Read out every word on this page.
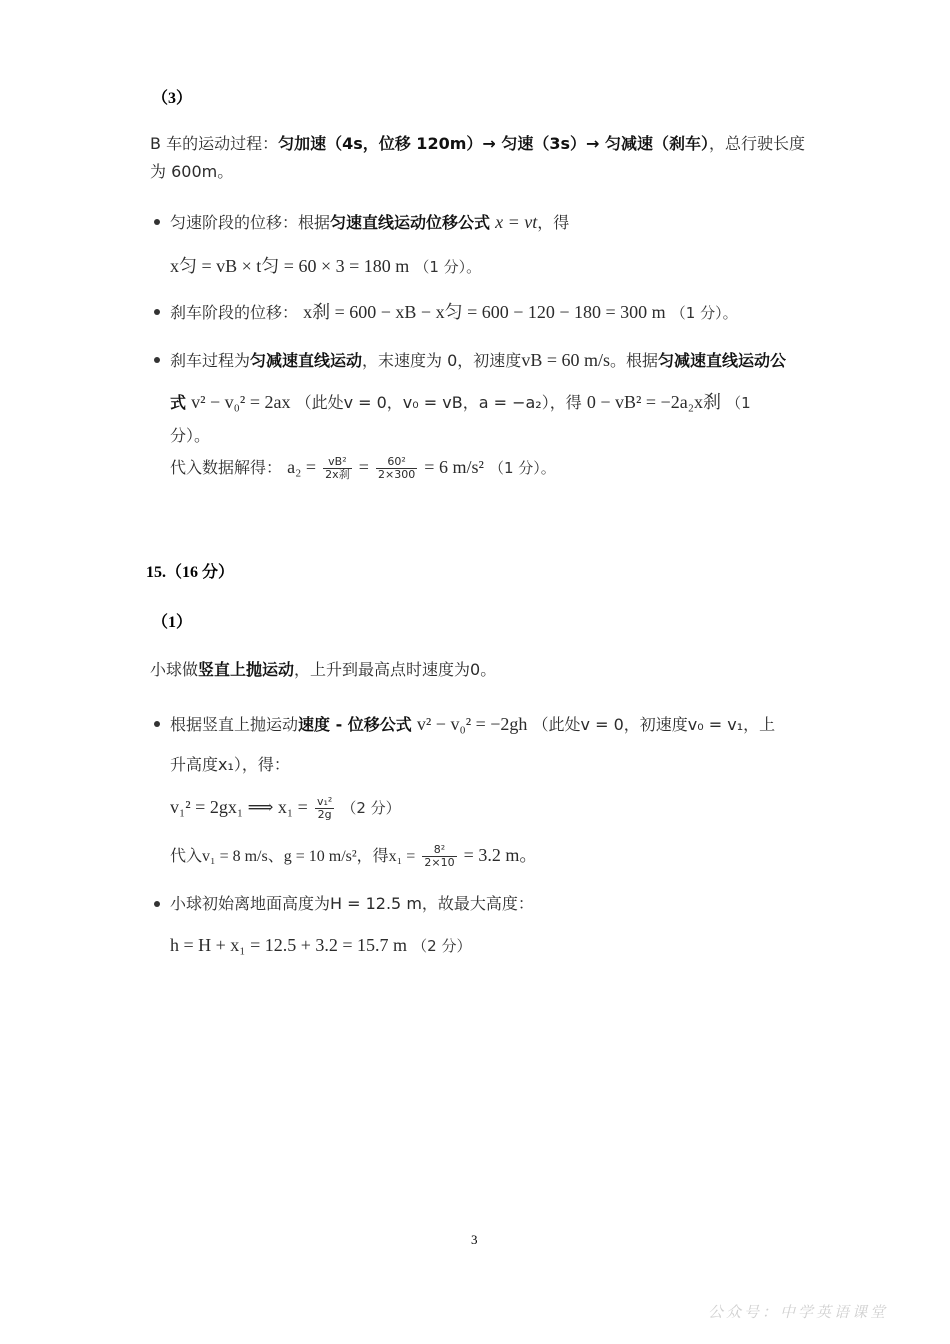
（3）
B 车的运动过程：匀加速（4s，位移 120m）→ 匀速（3s）→ 匀减速（刹车），总行驶长度
为 600m。
匀速阶段的位移：根据匀速直线运动位移公式 x = vt，得
x匀 = vB × t匀 = 60 × 3 = 180 m （1 分）。
刹车阶段的位移： x刹 = 600 − xB − x匀 = 600 − 120 − 180 = 300 m （1 分）。
刹车过程为匀减速直线运动，末速度为 0，初速度vB = 60 m/s。根据匀减速直线运动公
式 v² − v₀² = 2ax （此处v = 0，v₀ = vB，a = −a₂），得 0 − vB² = −2a₂x刹 （1
分）。
代入数据解得： $a_2 = \frac{\text{vB²}}{\text{2x刹}} = \frac{\text{60²}}{2\times 300} = 6$ m/s² （1 分）。
15.（16 分）
（1）
小球做竖直上抛运动，上升到最高点时速度为0。
根据竖直上抛运动速度 - 位移公式 v² − v₀² = −2gh （此处v = 0，初速度v₀ = v₁，上
升高度x₁），得：
v₁² = 2gx₁ ⟹ $x_1 = \frac{\text{v₁²}}{2g} (2$ 分）
代入v₁ = 8 m/s、g = 10 m/s²，得$x_1 = \frac{\text{8²}}{2\times 10} = 3.2$ m。
小球初始离地面高度为H = 12.5 m，故最大高度：
h = H + x₁ = 12.5 + 3.2 = 15.7 m （2 分）
3
公众号：中学英语课堂
